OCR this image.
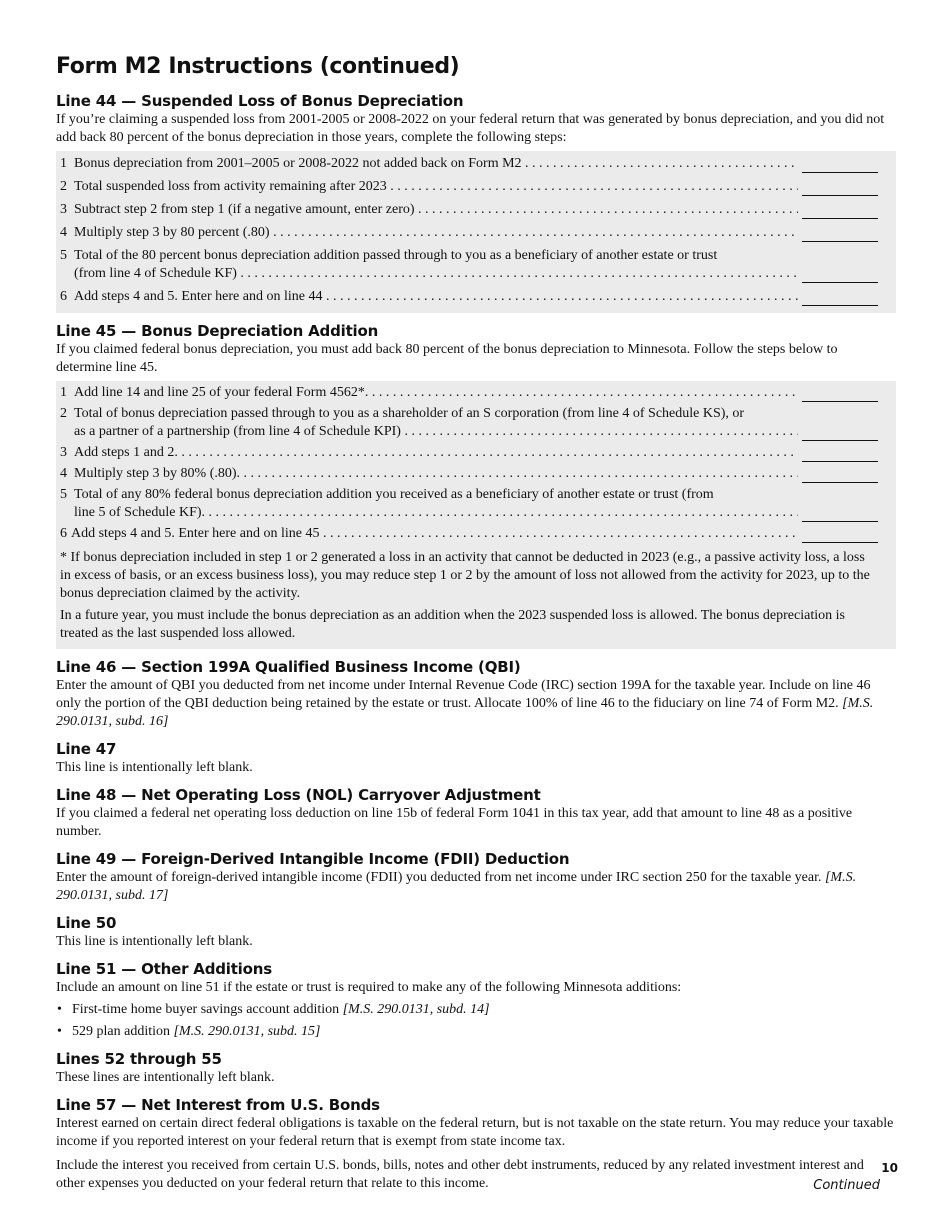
Form M2 Instructions (continued)
Line 44 — Suspended Loss of Bonus Depreciation

If you’re claiming a suspended loss from 2001-2005 or 2008-2022 on your federal return that was generated by bonus depreciation, and you did not add back 80 percent of the bonus depreciation in those years, complete the following steps:

1 Bonus depreciation from 2001–2005 or 2008-2022 not added back on Form M2 . . .
2 Total suspended loss from activity remaining after 2023 . . .
3 Subtract step 2 from step 1 (if a negative amount, enter zero) . . .
4 Multiply step 3 by 80 percent (.80) . . .
5 Total of the 80 percent bonus depreciation addition passed through to you as a beneficiary of another estate or trust
(from line 4 of Schedule KF) . . .
6 Add steps 4 and 5. Enter here and on line 44 . . .
Line 45 — Bonus Depreciation Addition

If you claimed federal bonus depreciation, you must add back 80 percent of the bonus depreciation to Minnesota. Follow the steps below to determine line 45.

1 Add line 14 and line 25 of your federal Form 4562*. . . .
2 Total of bonus depreciation passed through to you as a shareholder of an S corporation (from line 4 of Schedule KS), or
as a partner of a partnership (from line 4 of Schedule KPI) . . .
3 Add steps 1 and 2. . . .
4 Multiply step 3 by 80% (.80). . . .
5 Total of any 80% federal bonus depreciation addition you received as a beneficiary of another estate or trust (from
line 5 of Schedule KF). . . .
6 Add steps 4 and 5. Enter here and on line 45 . . .

* If bonus depreciation included in step 1 or 2 generated a loss in an activity that cannot be deducted in 2023 (e.g., a passive activity loss, a loss in excess of basis, or an excess business loss), you may reduce step 1 or 2 by the amount of loss not allowed from the activity for 2023, up to the bonus depreciation claimed by the activity.

In a future year, you must include the bonus depreciation as an addition when the 2023 suspended loss is allowed. The bonus depreciation is treated as the last suspended loss allowed.

Line 46 — Section 199A Qualified Business Income (QBI)

Enter the amount of QBI you deducted from net income under Internal Revenue Code (IRC) section 199A for the taxable year. Include on line 46 only the portion of the QBI deduction being retained by the estate or trust. Allocate 100% of line 46 to the fiduciary on line 74 of Form M2. [M.S. 290.0131, subd. 16]

Line 47

This line is intentionally left blank.

Line 48 — Net Operating Loss (NOL) Carryover Adjustment

If you claimed a federal net operating loss deduction on line 15b of federal Form 1041 in this tax year, add that amount to line 48 as a positive number.

Line 49 — Foreign-Derived Intangible Income (FDII) Deduction

Enter the amount of foreign-derived intangible income (FDII) you deducted from net income under IRC section 250 for the taxable year. [M.S. 290.0131, subd. 17]

Line 50

This line is intentionally left blank.

Line 51 — Other Additions

Include an amount on line 51 if the estate or trust is required to make any of the following Minnesota additions:

• First-time home buyer savings account addition [M.S. 290.0131, subd. 14]
• 529 plan addition [M.S. 290.0131, subd. 15]
Lines 52 through 55

These lines are intentionally left blank.

Line 57 — Net Interest from U.S. Bonds

Interest earned on certain direct federal obligations is taxable on the federal return, but is not taxable on the state return. You may reduce your taxable income if you reported interest on your federal return that is exempt from state income tax.

Include the interest you received from certain U.S. bonds, bills, notes and other debt instruments, reduced by any related investment interest and other expenses you deducted on your federal return that relate to this income.

10
Continued
